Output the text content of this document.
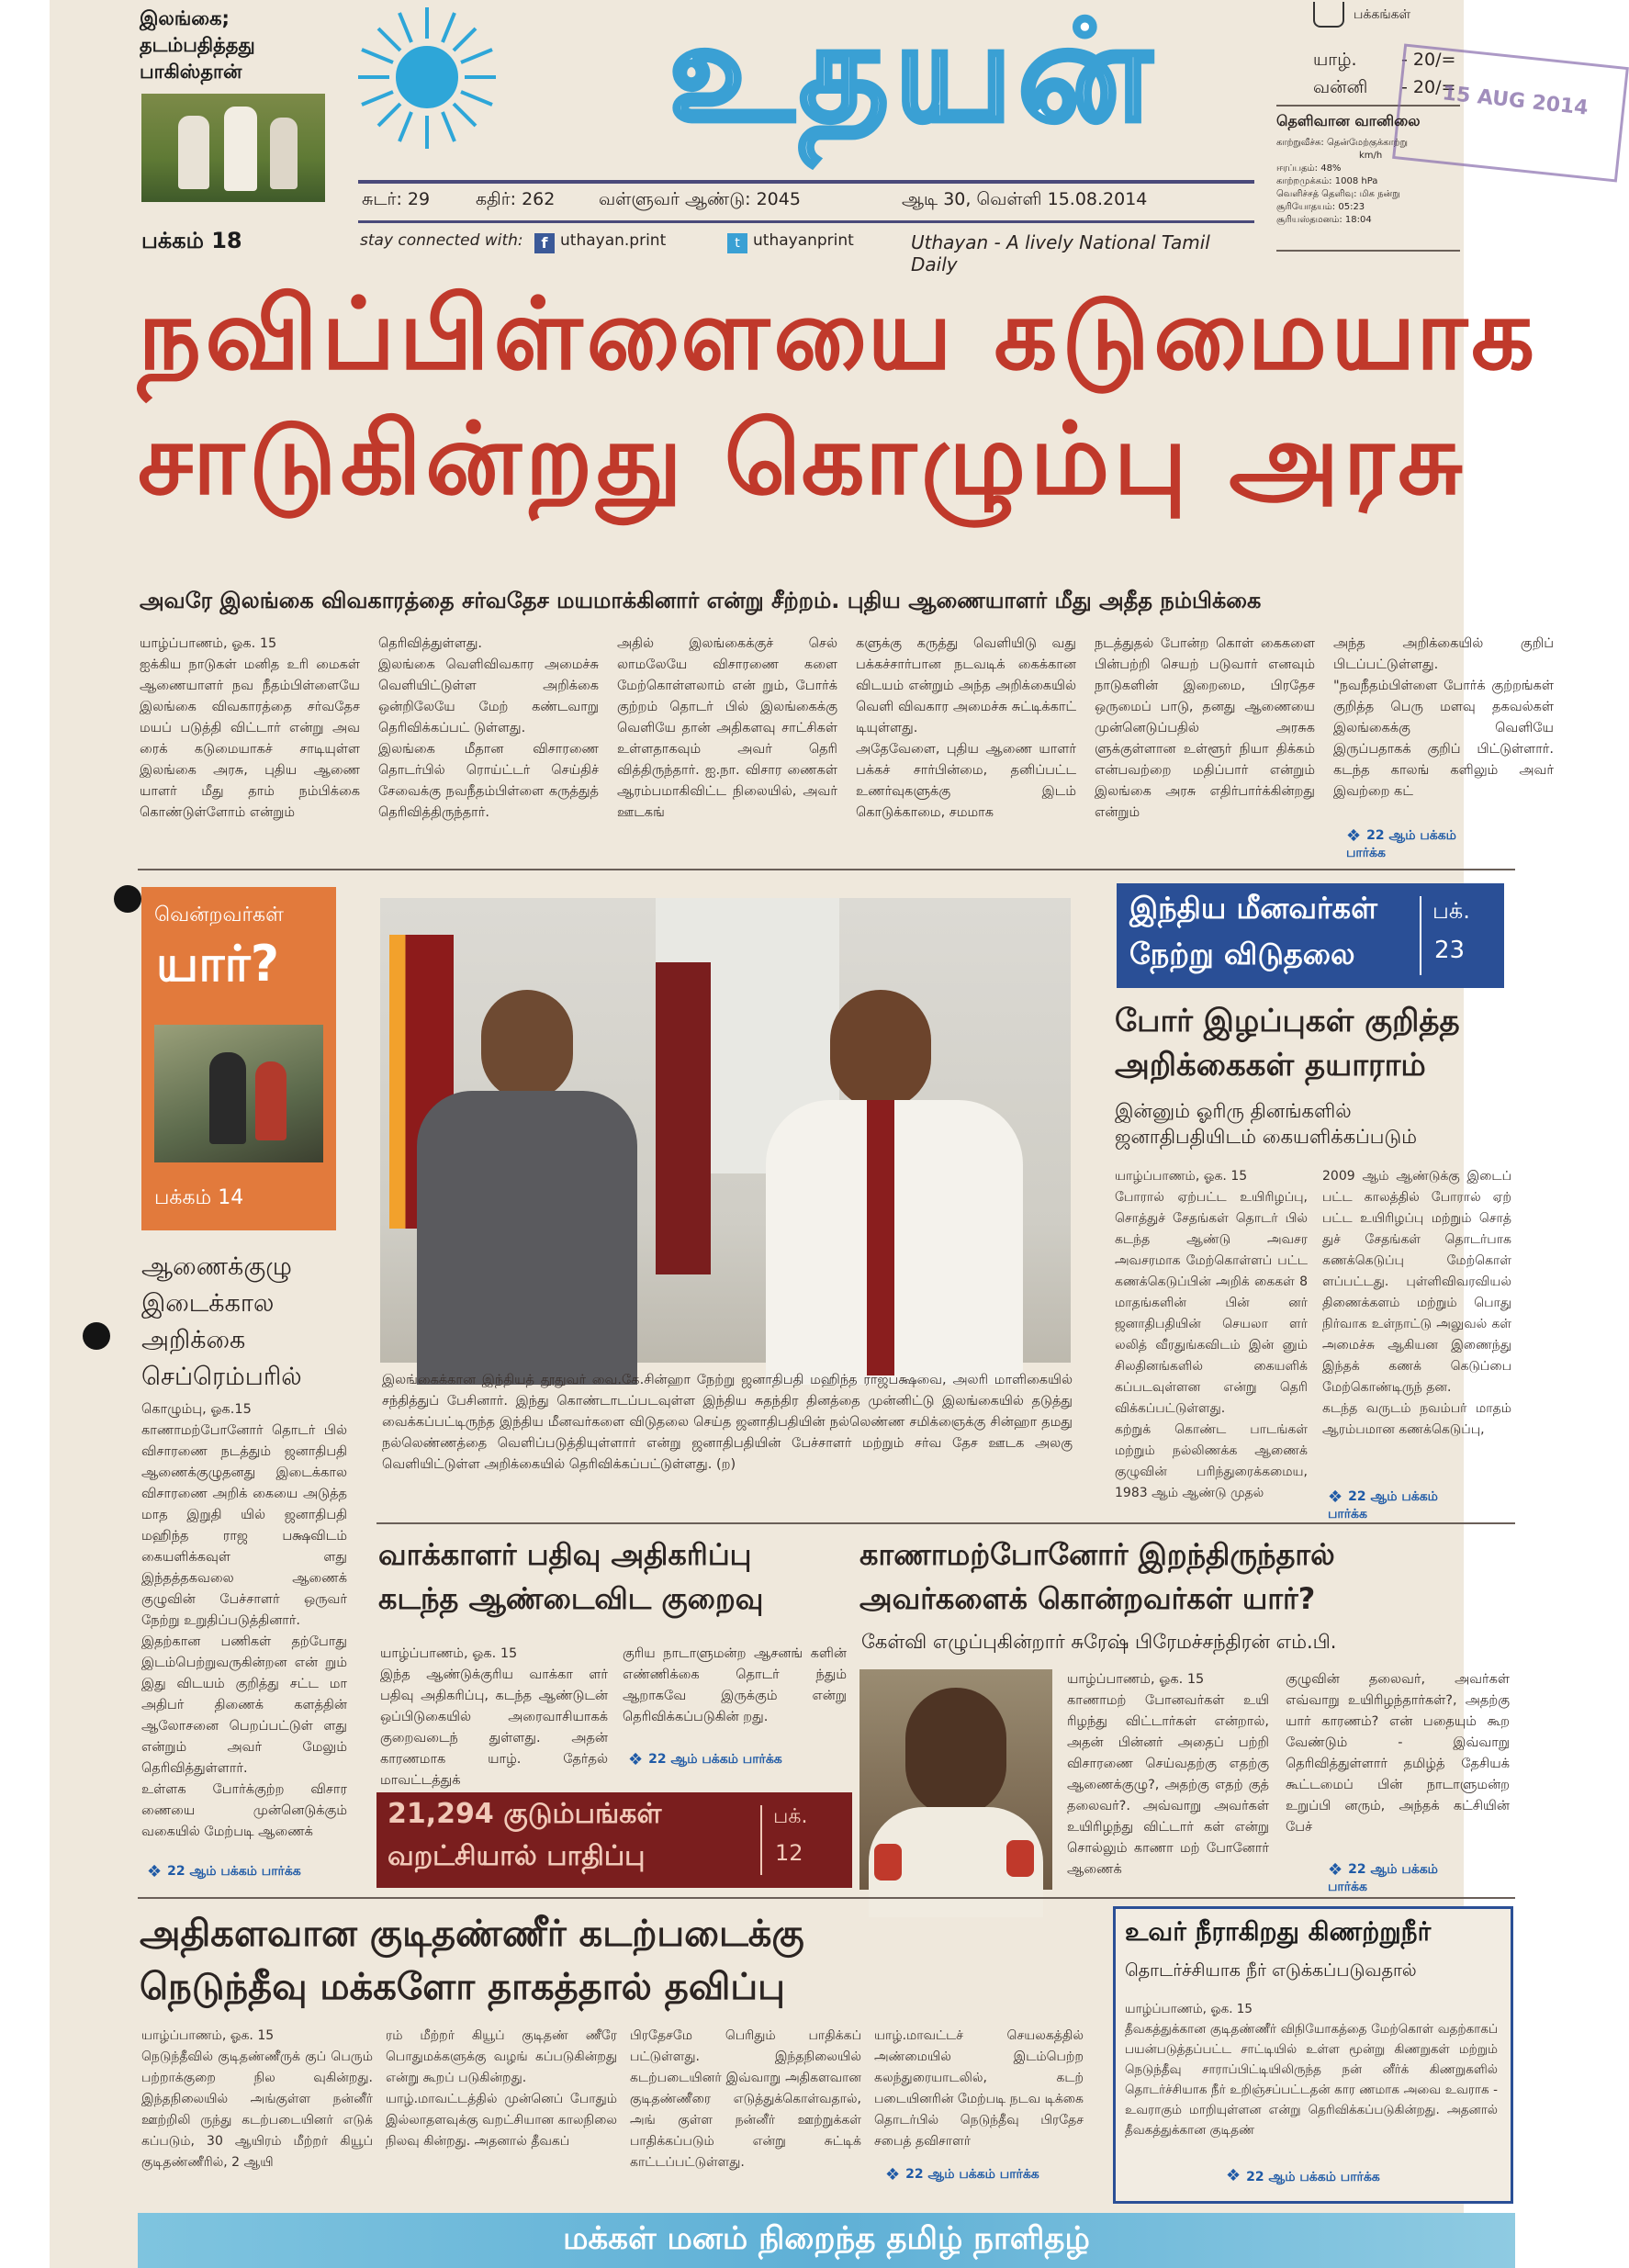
இலங்கை; தடம்பதித்தது பாகிஸ்தான்
பக்கம் 18
உதயன்	பக்கங்கள்
யாழ்.	- 20/=
வன்னி - 20/=
15 AUG 2014
தெளிவான வானிலை
காற்றுவீச்சு: தென்மேற்குக்காற்று
km/h
ஈரப்பதம்: 48%
காற்றமுக்கம்: 1008 hPa
வெளிச்சத் தெளிவு: மிக நன்று
சூரியோதயம்: 05:23
சூரியஸ்தமனம்: 18:04
சுடர்: 29	கதிர்: 262	வள்ளுவர் ஆண்டு: 2045	ஆடி 30, வெள்ளி 15.08.2014
stay connected with:	f uthayan.print	t uthayanprint	Uthayan - A lively National Tamil Daily
நவிப்பிள்ளையை கடுமையாக
சாடுகின்றது கொழும்பு அரசு
அவரே இலங்கை விவகாரத்தை சர்வதேச மயமாக்கினார் என்று சீற்றம். புதிய ஆணையாளர் மீது அதீத நம்பிக்கை

யாழ்ப்பாணம், ஓக. 15
ஐக்கிய நாடுகள் மனித உரி மைகள் ஆணையாளர் நவ நீதம்பிள்ளையே இலங்கை விவகாரத்தை சர்வதேச மயப் படுத்தி விட்டார் என்று அவ ரைக் கடுமையாகச் சாடியுள்ள இலங்கை அரசு, புதிய ஆணை யாளர் மீது தாம் நம்பிக்கை கொண்டுள்ளோம் என்றும்

தெரிவித்துள்ளது.
இலங்கை வெளிவிவகார அமைச்சு வெளியிட்டுள்ள அறிக்கை ஒன்றிலேயே மேற் கண்டவாறு தெரிவிக்கப்பட் டுள்ளது.
இலங்கை மீதான விசாரணை தொடர்பில் ரொய்ட்டர் செய்திச் சேவைக்கு நவநீதம்பிள்ளை கருத்துத் தெரிவித்திருந்தார்.

அதில் இலங்கைக்குச் செல் லாமலேயே விசாரணை களை மேற்கொள்ளலாம் என் றும், போர்க் குற்றம் தொடர் பில் இலங்கைக்கு வெளியே தான் அதிகளவு சாட்சிகள் உள்ளதாகவும் அவர் தெரி வித்திருந்தார். ஐ.நா. விசார ணைகள் ஆரம்பமாகிவிட்ட நிலையில், அவர் ஊடகங்

களுக்கு கருத்து வெளியிடு வது பக்கச்சார்பான நடவடிக் கைக்கான விடயம் என்றும் அந்த அறிக்கையில் வெளி விவகார அமைச்சு சுட்டிக்காட் டியுள்ளது.
அதேவேளை, புதிய ஆணை யாளர் பக்கச் சார்பின்மை, தனிப்பட்ட உணர்வுகளுக்கு இடம் கொடுக்காமை, சமமாக

நடத்துதல் போன்ற கொள் கைகளை பின்பற்றி செயற் படுவார் எனவும் நாடுகளின் இறைமை, பிரதேச ஒருமைப் பாடு, தனது ஆணையை முன்னெடுப்பதில் அரசுக ளுக்குள்ளான உள்ளூர் நியா திக்கம் என்பவற்றை மதிப்பார் என்றும் இலங்கை அரசு எதிர்பார்க்கின்றது என்றும்

அந்த அறிக்கையில் குறிப் பிடப்பட்டுள்ளது.
"நவநீதம்பிள்ளை போர்க் குற்றங்கள் குறித்த பெரு மளவு தகவல்கள் இலங்கைக்கு வெளியே இருப்பதாகக் குறிப் பிட்டுள்ளார். கடந்த காலங் களிலும் அவர் இவற்றை கட்

❖ 22 ஆம் பக்கம் பார்க்க
வென்றவர்கள்
யார்?
பக்கம் 14
ஆணைக்குழு
இடைக்கால
அறிக்கை
செப்ரெம்பரில்

கொழும்பு, ஓக.15
காணாமற்போனோர் தொடர் பில் விசாரணை நடத்தும் ஜனாதிபதி ஆணைக்குழுதனது இடைக்கால விசாரணை அறிக் கையை அடுத்த மாத இறுதி யில் ஜனாதிபதி மஹிந்த ராஜ பக்ஷவிடம் கையளிக்கவுள் ளது இந்தத்தகவலை ஆணைக் குழுவின் பேச்சாளர் ஒருவர் நேற்று உறுதிப்படுத்தினார்.
இதற்கான பணிகள் தற்போது இடம்பெற்றுவருகின்றன என் றும் இது விடயம் குறித்து சட்ட மா அதிபர் திணைக் களத்தின் ஆலோசனை பெறப்பட்டுள் ளது என்றும் அவர் மேலும் தெரிவித்துள்ளார்.
உள்ளக போர்க்குற்ற விசார ணையை முன்னெடுக்கும் வகையில் மேற்படி ஆணைக்

❖ 22 ஆம் பக்கம் பார்க்க

இலங்கைக்கான இந்தியத் தூதுவர் வை.கே.சின்ஹா நேற்று ஜனாதிபதி மஹிந்த ராஜபக்ஷவை, அலரி மாளிகையில் சந்தித்துப் பேசினார். இந்து கொண்டாடப்படவுள்ள இந்திய சுதந்திர தினத்தை முன்னிட்டு இலங்கையில் தடுத்து வைக்கப்பட்டிருந்த இந்திய மீனவர்களை விடுதலை செய்த ஜனாதிபதியின் நல்லெண்ண சமிக்ஞைக்கு சின்ஹா தமது நல்லெண்ணத்தை வெளிப்படுத்தியுள்ளார் என்று ஜனாதிபதியின் பேச்சாளர் மற்றும் சர்வ தேச ஊடக அலகு வெளியிட்டுள்ள அறிக்கையில் தெரிவிக்கப்பட்டுள்ளது. (ற)

இந்திய மீனவர்கள்
நேற்று விடுதலை
பக்.
23
போர் இழப்புகள் குறித்த
அறிக்கைகள் தயாராம்
இன்னும் ஓரிரு தினங்களில்
ஜனாதிபதியிடம் கையளிக்கப்படும்

யாழ்ப்பாணம், ஓக. 15
போரால் ஏற்பட்ட உயிரிழப்பு, சொத்துச் சேதங்கள் தொடர் பில் கடந்த ஆண்டு அவசர அவசரமாக மேற்கொள்ளப் பட்ட கணக்கெடுப்பின் அறிக் கைகள் 8 மாதங்களின் பின் னர் ஜனாதிபதியின் செயலா ளர் லலித் வீரதுங்கவிடம் இன் னும் சிலதினங்களில் கையளிக் கப்படவுள்ளன என்று தெரி விக்கப்பட்டுள்ளது.
கற்றுக் கொண்ட பாடங்கள் மற்றும் நல்லிணக்க ஆணைக் குழுவின் பரிந்துரைக்கமைய, 1983 ஆம் ஆண்டு முதல்

2009 ஆம் ஆண்டுக்கு இடைப் பட்ட காலத்தில் போரால் ஏற் பட்ட உயிரிழப்பு மற்றும் சொத் துச் சேதங்கள் தொடர்பாக கணக்கெடுப்பு மேற்கொள் ளப்பட்டது. புள்ளிவிவரவியல் திணைக்களம் மற்றும் பொது நிர்வாக உள்நாட்டு அலுவல் கள் அமைச்சு ஆகியன இணைந்து இந்தக் கணக் கெடுப்பை மேற்கொண்டிருந் தன.
கடந்த வருடம் நவம்பர் மாதம் ஆரம்பமான கணக்கெடுப்பு,

❖ 22 ஆம் பக்கம் பார்க்க
வாக்காளர் பதிவு அதிகரிப்பு
கடந்த ஆண்டைவிட குறைவு

யாழ்ப்பாணம், ஓக. 15
இந்த ஆண்டுக்குரிய வாக்கா ளர் பதிவு அதிகரிப்பு, கடந்த ஆண்டுடன் ஒப்பிடுகையில் அரைவாசியாகக் குறைவடைந் துள்ளது. அதன் காரணமாக யாழ். தேர்தல் மாவட்டத்துக்

குரிய நாடாளுமன்ற ஆசனங் களின் எண்ணிக்கை தொடர் ந்தும் ஆறாகவே இருக்கும் என்று தெரிவிக்கப்படுகின் றது.

❖ 22 ஆம் பக்கம் பார்க்க
21,294 குடும்பங்கள்
வறட்சியால் பாதிப்பு
பக்.
12
காணாமற்போனோர் இறந்திருந்தால்
அவர்களைக் கொன்றவர்கள் யார்?
கேள்வி எழுப்புகின்றார் சுரேஷ் பிரேமச்சந்திரன் எம்.பி.

யாழ்ப்பாணம், ஓக. 15
காணாமற் போனவர்கள் உயி ரிழந்து விட்டார்கள் என்றால், அதன் பின்னர் அதைப் பற்றி விசாரணை செய்வதற்கு எதற்கு ஆணைக்குழு?, அதற்கு எதற் குத் தலைவர்?. அவ்வாறு அவர்கள் உயிரிழந்து விட்டார் கள் என்று சொல்லும் காணா மற் போனோர் ஆணைக்

குழுவின் தலைவர், அவர்கள் எவ்வாறு உயிரிழந்தார்கள்?, அதற்கு யார் காரணம்? என் பதையும் கூற வேண்டும் - இவ்வாறு தெரிவித்துள்ளார் தமிழ்த் தேசியக் கூட்டமைப் பின் நாடாளுமன்ற உறுப்பி னரும், அந்தக் கட்சியின் பேச்

❖ 22 ஆம் பக்கம் பார்க்க
அதிகளவான குடிதண்ணீர் கடற்படைக்கு
நெடுந்தீவு மக்களோ தாகத்தால் தவிப்பு

யாழ்ப்பாணம், ஓக. 15
நெடுந்தீவில் குடிதண்ணீருக் குப் பெரும் பற்றாக்குறை நில வுகின்றது. இந்தநிலையில் அங்குள்ள நன்னீர் ஊற்றிலி ருந்து கடற்படையினர் எடுக் கப்படும், 30 ஆயிரம் மீற்றர் கியூப் குடிதண்ணீரில், 2 ஆயி

ரம் மீற்றர் கியூப் குடிதண் ணீரே பொதுமக்களுக்கு வழங் கப்படுகின்றது என்று கூறப் படுகின்றது.
யாழ்.மாவட்டத்தில் முன்னெப் போதும் இல்லாதளவுக்கு வறட்சியான காலநிலை நிலவு கின்றது. அதனால் தீவகப்

பிரதேசமே பெரிதும் பாதிக்கப் பட்டுள்ளது. இந்தநிலையில் கடற்படையினர் இவ்வாறு அதிகளவான குடிதண்ணீரை எடுத்துக்கொள்வதால், அங் குள்ள நன்னீர் ஊற்றுக்கள் பாதிக்கப்படும் என்று சுட்டிக் காட்டப்பட்டுள்ளது.

யாழ்.மாவட்டச் செயலகத்தில் அண்மையில் இடம்பெற்ற கலந்துரையாடலில், கடற் படையினரின் மேற்படி நடவ டிக்கை தொடர்பில் நெடுந்தீவு பிரதேச சபைத் தவிசாளர்

❖ 22 ஆம் பக்கம் பார்க்க
உவர் நீராகிறது கிணற்றுநீர்
தொடர்ச்சியாக நீர் எடுக்கப்படுவதால்

யாழ்ப்பாணம், ஓக. 15
தீவகத்துக்கான குடிதண்ணீர் விநியோகத்தை மேற்கொள் வதற்காகப் பயன்படுத்தப்பட்ட சாட்டியில் உள்ள மூன்று கிணறுகள் மற்றும் நெடுந்தீவு சாராப்பிட்டியிலிருந்த நன் னீர்க் கிணறுகளில் தொடர்ச்சியாக நீர் உறிஞ்சப்பட்டதன் கார ணமாக அவை உவராக - உவராகும் மாறியுள்ளன என்று தெரிவிக்கப்படுகின்றது. அதனால் தீவகத்துக்கான குடிதண்

❖ 22 ஆம் பக்கம் பார்க்க
மக்கள் மனம் நிறைந்த தமிழ் நாளிதழ்
